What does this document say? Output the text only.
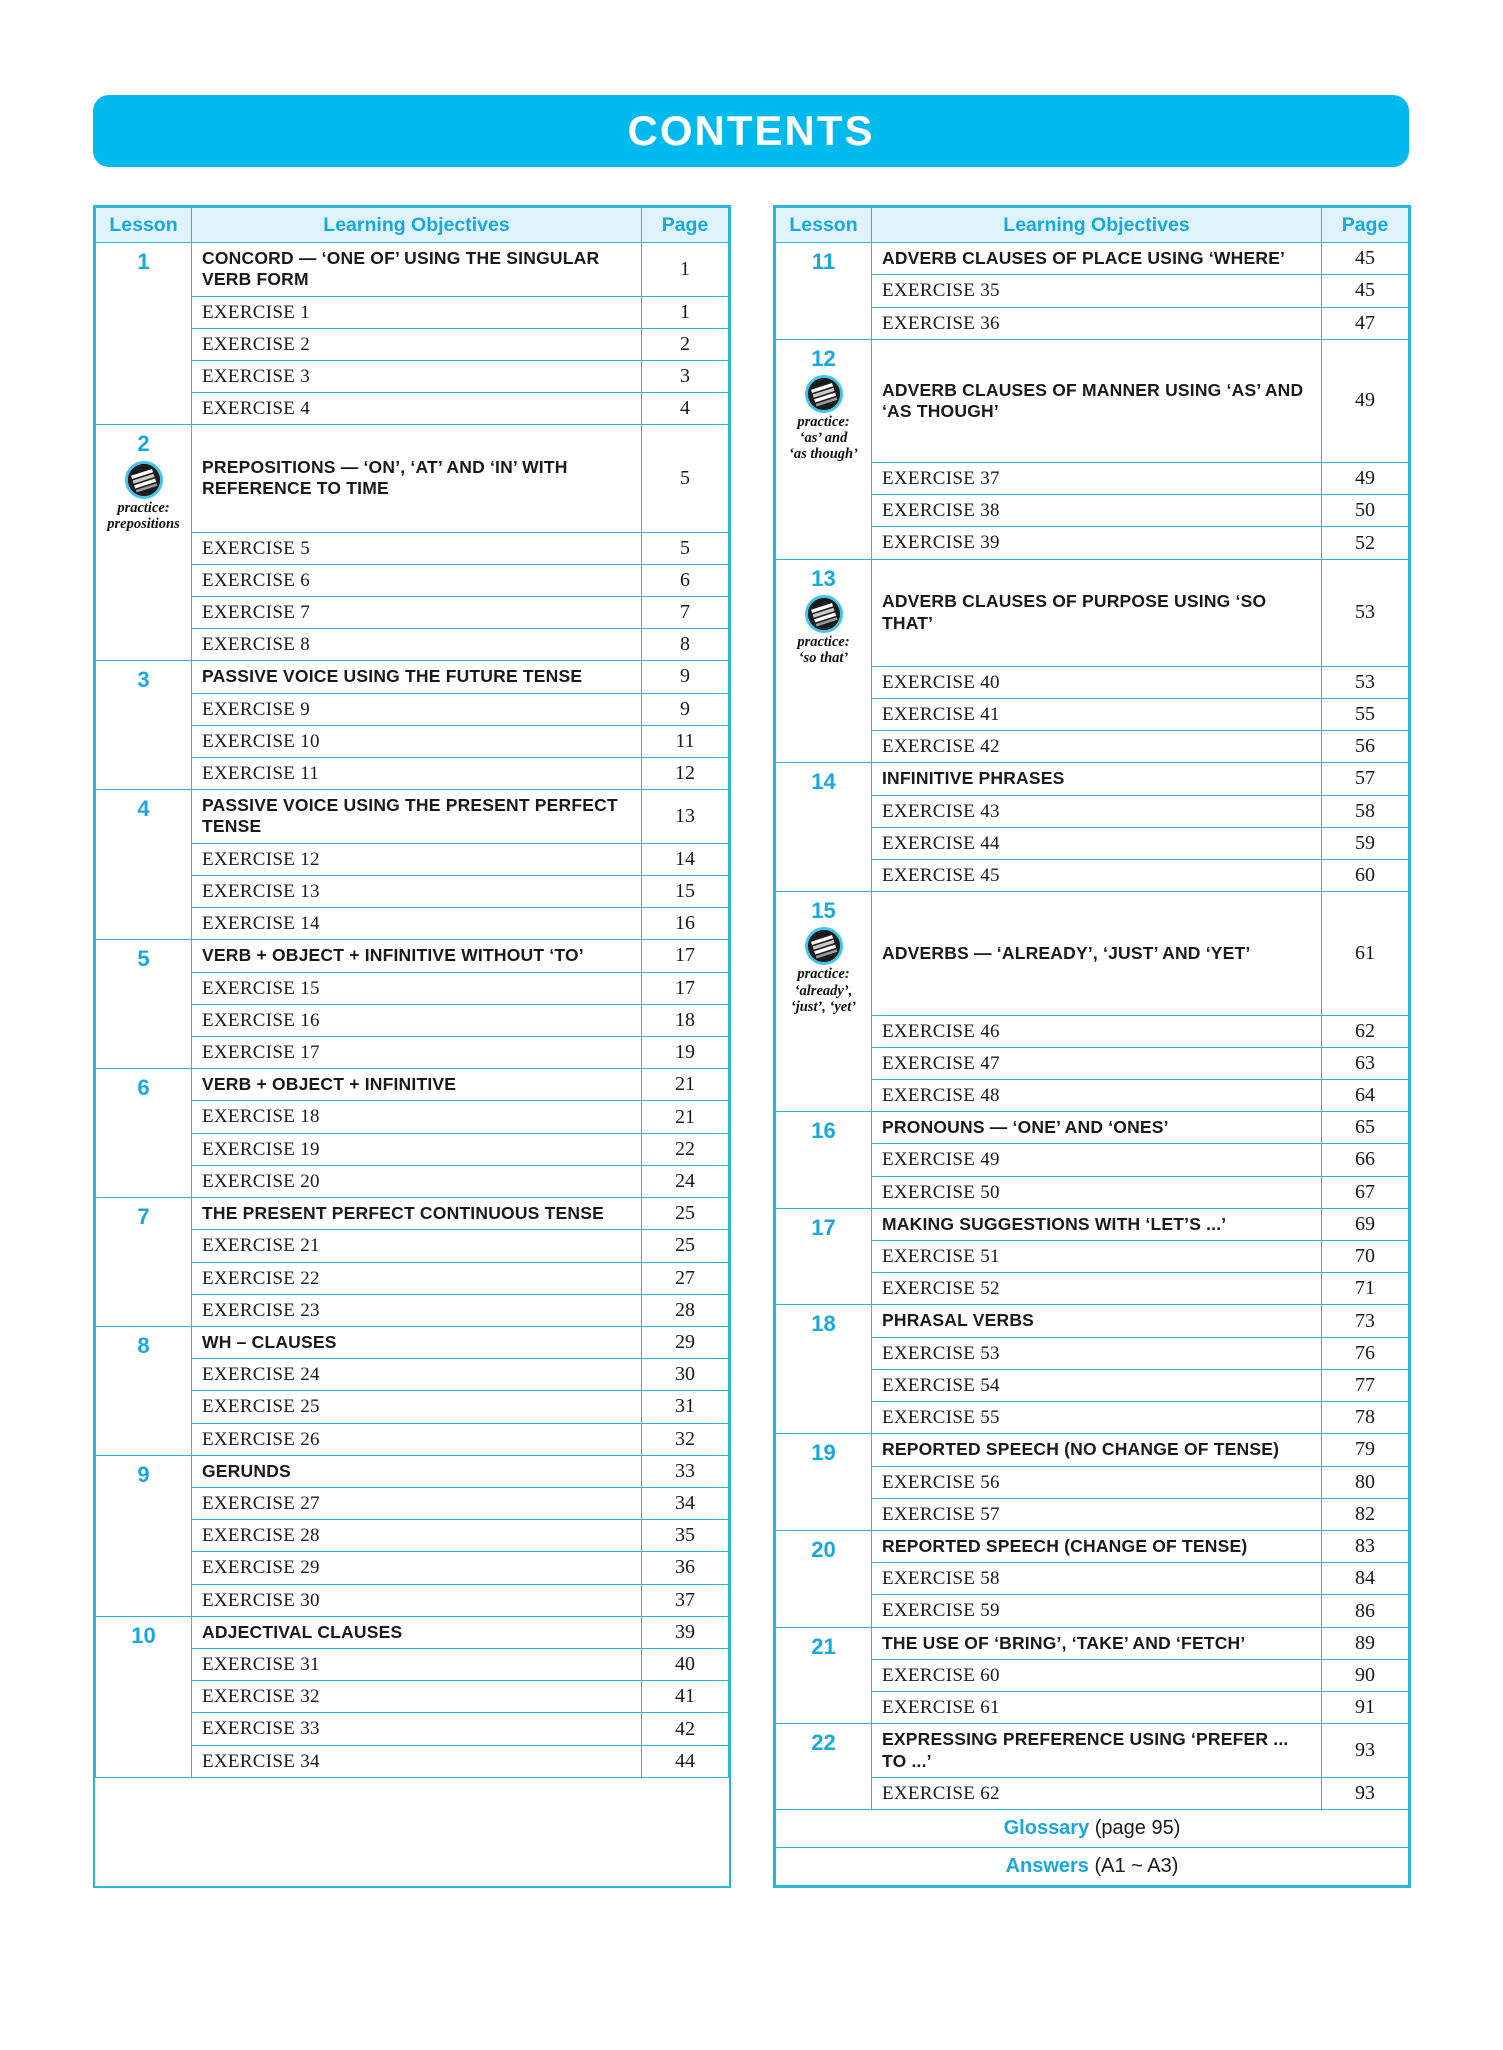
CONTENTS
Lesson	Learning Objectives	Page
1	CONCORD — ‘ONE OF’ USING THE SINGULAR VERB FORM	1
	EXERCISE 1	1
	EXERCISE 2	2
	EXERCISE 3	3
	EXERCISE 4	4
2
practice:
prepositions	PREPOSITIONS — ‘ON’, ‘AT’ AND ‘IN’ WITH REFERENCE TO TIME	5
	EXERCISE 5	5
	EXERCISE 6	6
	EXERCISE 7	7
	EXERCISE 8	8
3	PASSIVE VOICE USING THE FUTURE TENSE	9
	EXERCISE 9	9
	EXERCISE 10	11
	EXERCISE 11	12
4	PASSIVE VOICE USING THE PRESENT PERFECT TENSE	13
	EXERCISE 12	14
	EXERCISE 13	15
	EXERCISE 14	16
5	VERB + OBJECT + INFINITIVE WITHOUT ‘TO’	17
	EXERCISE 15	17
	EXERCISE 16	18
	EXERCISE 17	19
6	VERB + OBJECT + INFINITIVE	21
	EXERCISE 18	21
	EXERCISE 19	22
	EXERCISE 20	24
7	THE PRESENT PERFECT CONTINUOUS TENSE	25
	EXERCISE 21	25
	EXERCISE 22	27
	EXERCISE 23	28
8	WH – CLAUSES	29
	EXERCISE 24	30
	EXERCISE 25	31
	EXERCISE 26	32
9	GERUNDS	33
	EXERCISE 27	34
	EXERCISE 28	35
	EXERCISE 29	36
	EXERCISE 30	37
10	ADJECTIVAL CLAUSES	39
	EXERCISE 31	40
	EXERCISE 32	41
	EXERCISE 33	42
	EXERCISE 34	44
Lesson	Learning Objectives	Page
11	ADVERB CLAUSES OF PLACE USING ‘WHERE’	45
	EXERCISE 35	45
	EXERCISE 36	47
12
practice:
‘as’ and
‘as though’	ADVERB CLAUSES OF MANNER USING ‘AS’ AND ‘AS THOUGH’	49
	EXERCISE 37	49
	EXERCISE 38	50
	EXERCISE 39	52
13
practice:
‘so that’	ADVERB CLAUSES OF PURPOSE USING ‘SO THAT’	53
	EXERCISE 40	53
	EXERCISE 41	55
	EXERCISE 42	56
14	INFINITIVE PHRASES	57
	EXERCISE 43	58
	EXERCISE 44	59
	EXERCISE 45	60
15
practice:
‘already’,
‘just’, ‘yet’	ADVERBS — ‘ALREADY’, ‘JUST’ AND ‘YET’	61
	EXERCISE 46	62
	EXERCISE 47	63
	EXERCISE 48	64
16	PRONOUNS — ‘ONE’ AND ‘ONES’	65
	EXERCISE 49	66
	EXERCISE 50	67
17	MAKING SUGGESTIONS WITH ‘LET’S ...’	69
	EXERCISE 51	70
	EXERCISE 52	71
18	PHRASAL VERBS	73
	EXERCISE 53	76
	EXERCISE 54	77
	EXERCISE 55	78
19	REPORTED SPEECH (NO CHANGE OF TENSE)	79
	EXERCISE 56	80
	EXERCISE 57	82
20	REPORTED SPEECH (CHANGE OF TENSE)	83
	EXERCISE 58	84
	EXERCISE 59	86
21	THE USE OF ‘BRING’, ‘TAKE’ AND ‘FETCH’	89
	EXERCISE 60	90
	EXERCISE 61	91
22	EXPRESSING PREFERENCE USING ‘PREFER ... TO ...’	93
	EXERCISE 62	93
Glossary (page 95)		
Answers (A1 ~ A3)		
